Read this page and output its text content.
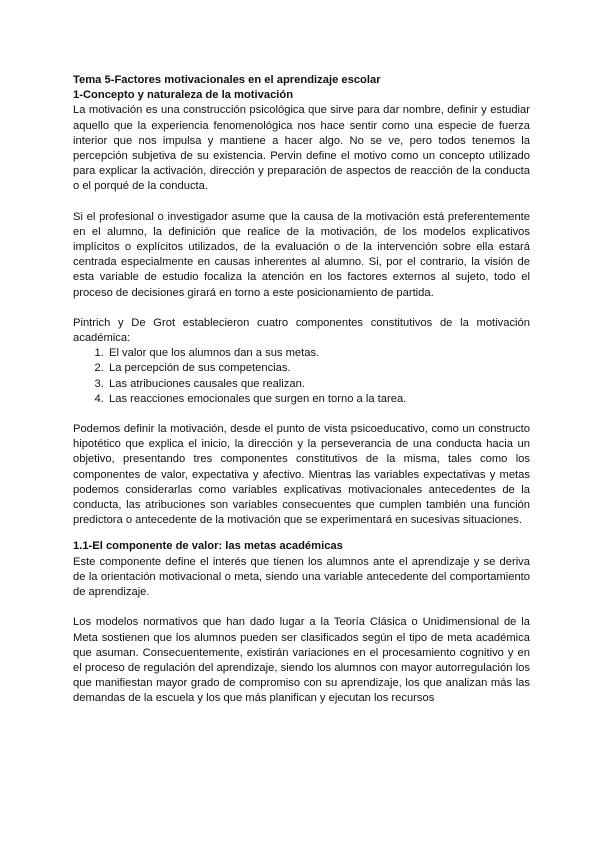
Tema 5-Factores motivacionales en el aprendizaje escolar
1-Concepto y naturaleza de la motivación

La motivación es una construcción psicológica que sirve para dar nombre, definir y estudiar aquello que la experiencia fenomenológica nos hace sentir como una especie de fuerza interior que nos impulsa y mantiene a hacer algo. No se ve, pero todos tenemos la percepción subjetiva de su existencia. Pervin define el motivo como un concepto utilizado para explicar la activación, dirección y preparación de aspectos de reacción de la conducta o el porqué de la conducta.

Si el profesional o investigador asume que la causa de la motivación está preferentemente en el alumno, la definición que realice de la motivación, de los modelos explicativos implícitos o explícitos utilizados, de la evaluación o de la intervención sobre ella estará centrada especialmente en causas inherentes al alumno. Si, por el contrario, la visión de esta variable de estudio focaliza la atención en los factores externos al sujeto, todo el proceso de decisiones girará en torno a este posicionamiento de partida.

Pintrich y De Grot establecieron cuatro componentes constitutivos de la motivación académica:

1. El valor que los alumnos dan a sus metas.
2. La percepción de sus competencias.
3. Las atribuciones causales que realizan.
4. Las reacciones emocionales que surgen en torno a la tarea.

Podemos definir la motivación, desde el punto de vista psicoeducativo, como un constructo hipotético que explica el inicio, la dirección y la perseverancia de una conducta hacia un objetivo, presentando tres componentes constitutivos de la misma, tales como los componentes de valor, expectativa y afectivo. Mientras las variables expectativas y metas podemos considerarlas como variables explicativas motivacionales antecedentes de la conducta, las atribuciones son variables consecuentes que cumplen también una función predictora o antecedente de la motivación que se experimentará en sucesivas situaciones.

1.1-El componente de valor: las metas académicas

Este componente define el interés que tienen los alumnos ante el aprendizaje y se deriva de la orientación motivacional o meta, siendo una variable antecedente del comportamiento de aprendizaje.

Los modelos normativos que han dado lugar a la Teoría Clásica o Unidimensional de la Meta sostienen que los alumnos pueden ser clasificados según el tipo de meta académica que asuman. Consecuentemente, existirán variaciones en el procesamiento cognitivo y en el proceso de regulación del aprendizaje, siendo los alumnos con mayor autorregulación los que manifiestan mayor grado de compromiso con su aprendizaje, los que analizan más las demandas de la escuela y los que más planifican y ejecutan los recursos
